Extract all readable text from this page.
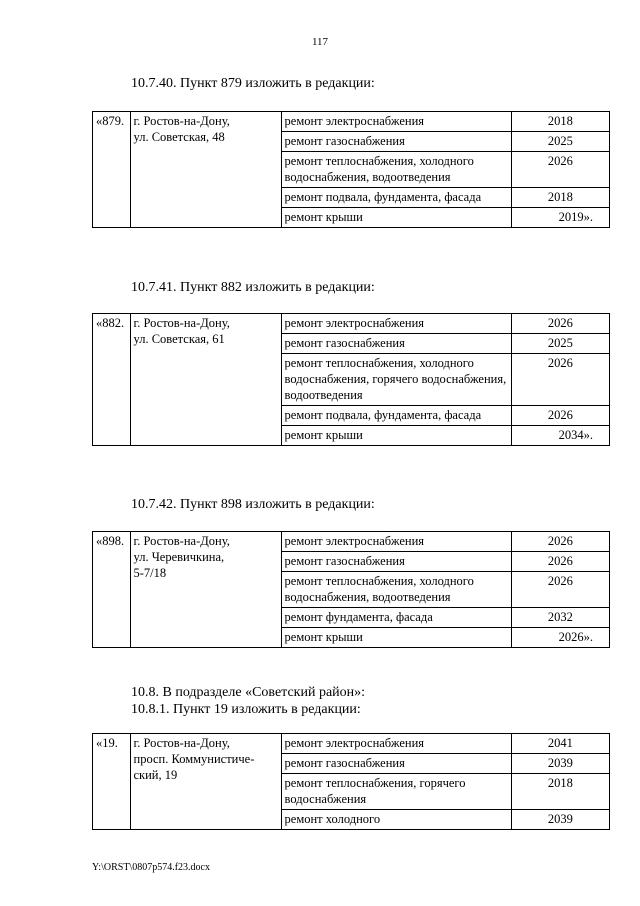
117
10.7.40. Пункт 879 изложить в редакции:
«879.	г. Ростов-на-Дону,
ул. Советская, 48	ремонт электроснабжения	2018
		ремонт газоснабжения	2025
		ремонт теплоснабжения, холодного водоснабжения, водоотведения	2026
		ремонт подвала, фундамента, фасада	2018
		ремонт крыши	2019».
10.7.41. Пункт 882 изложить в редакции:
«882.	г. Ростов-на-Дону,
ул. Советская, 61	ремонт электроснабжения	2026
		ремонт газоснабжения	2025
		ремонт теплоснабжения, холодного водоснабжения, горячего водоснабжения, водоотведения	2026
		ремонт подвала, фундамента, фасада	2026
		ремонт крыши	2034».
10.7.42. Пункт 898 изложить в редакции:
«898.	г. Ростов-на-Дону,
ул. Черевичкина,
5-7/18	ремонт электроснабжения	2026
		ремонт газоснабжения	2026
		ремонт теплоснабжения, холодного водоснабжения, водоотведения	2026
		ремонт фундамента, фасада	2032
		ремонт крыши	2026».
10.8. В подразделе «Советский район»:
10.8.1. Пункт 19 изложить в редакции:
«19.	г. Ростов-на-Дону,
просп. Коммунистиче-
ский, 19	ремонт электроснабжения	2041
		ремонт газоснабжения	2039
		ремонт теплоснабжения, горячего водоснабжения	2018
		ремонт холодного	2039
Y:\ORST\0807p574.f23.docx
